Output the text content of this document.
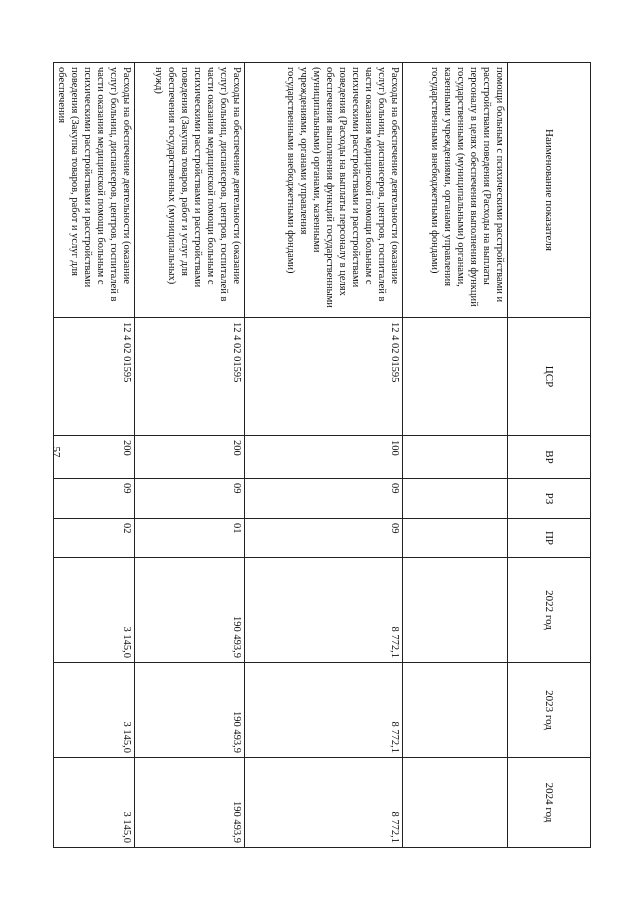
57
Наименование показателя	ЦСР	ВР	РЗ	ПР	2022 год	2023 год	2024 год
помощи больным с психическими расстройствами и расстройствами поведения (Расходы на выплаты персоналу в целях обеспечения выполнения функций государственными (муниципальными) органами, казенными учреждениями, органами управления государственными внебюджетными фондами)							
Расходы на обеспечение деятельности (оказание услуг) больниц, диспансеров, центров, госпиталей в части оказания медицинской помощи больным с психическими расстройствами и расстройствами поведения (Расходы на выплаты персоналу в целях обеспечения выполнения функций государственными (муниципальными) органами, казенными учреждениями, органами управления государственными внебюджетными фондами)	12 4 02 01595	100	09	09	8 772,1	8 772,1	8 772,1
Расходы на обеспечение деятельности (оказание услуг) больниц, диспансеров, центров, госпиталей в части оказания медицинской помощи больным с психическими расстройствами и расстройствами поведения (Закупка товаров, работ и услуг для обеспечения государственных (муниципальных) нужд)	12 4 02 01595	200	09	01	190 493,9	190 493,9	190 493,9
Расходы на обеспечение деятельности (оказание услуг) больниц, диспансеров, центров, госпиталей в части оказания медицинской помощи больным с психическими расстройствами и расстройствами поведения (Закупка товаров, работ и услуг для обеспечения	12 4 02 01595	200	09	02	3 145,0	3 145,0	3 145,0
